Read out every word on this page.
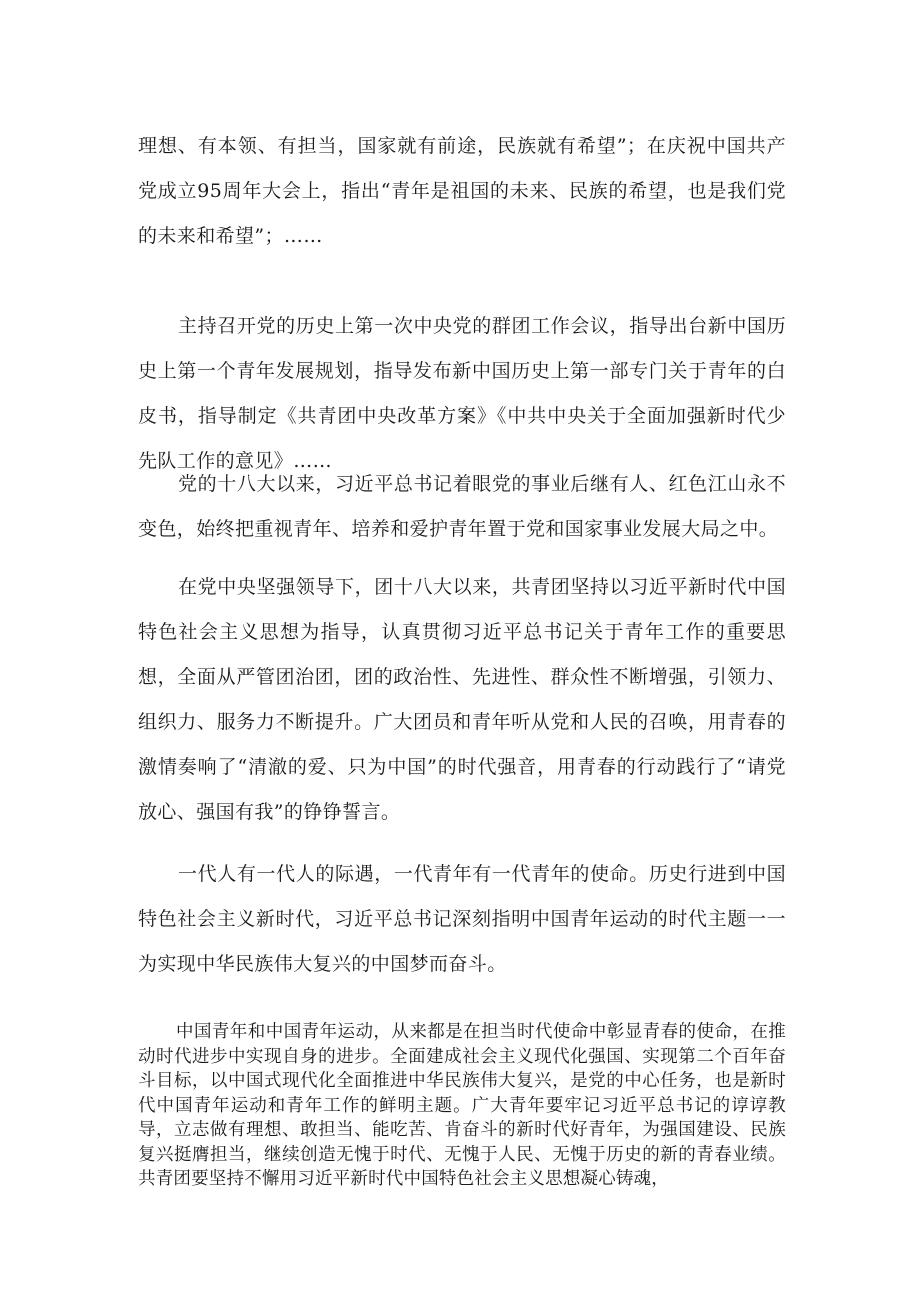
理想、有本领、有担当，国家就有前途，民族就有希望”；在庆祝中国共产党成立95周年大会上，指出“青年是祖国的未来、民族的希望，也是我们党的未来和希望”；……

主持召开党的历史上第一次中央党的群团工作会议，指导出台新中国历史上第一个青年发展规划，指导发布新中国历史上第一部专门关于青年的白皮书，指导制定《共青团中央改革方案》《中共中央关于全面加强新时代少先队工作的意见》……

党的十八大以来，习近平总书记着眼党的事业后继有人、红色江山永不变色，始终把重视青年、培养和爱护青年置于党和国家事业发展大局之中。

在党中央坚强领导下，团十八大以来，共青团坚持以习近平新时代中国特色社会主义思想为指导，认真贯彻习近平总书记关于青年工作的重要思想，全面从严管团治团，团的政治性、先进性、群众性不断增强，引领力、组织力、服务力不断提升。广大团员和青年听从党和人民的召唤，用青春的激情奏响了“清澈的爱、只为中国”的时代强音，用青春的行动践行了“请党放心、强国有我”的铮铮誓言。

一代人有一代人的际遇，一代青年有一代青年的使命。历史行进到中国特色社会主义新时代，习近平总书记深刻指明中国青年运动的时代主题一一为实现中华民族伟大复兴的中国梦而奋斗。

中国青年和中国青年运动，从来都是在担当时代使命中彰显青春的使命，在推动时代进步中实现自身的进步。全面建成社会主义现代化强国、实现第二个百年奋斗目标，以中国式现代化全面推进中华民族伟大复兴，是党的中心任务，也是新时代中国青年运动和青年工作的鲜明主题。广大青年要牢记习近平总书记的谆谆教导，立志做有理想、敢担当、能吃苦、肯奋斗的新时代好青年，为强国建设、民族复兴挺膺担当，继续创造无愧于时代、无愧于人民、无愧于历史的新的青春业绩。共青团要坚持不懈用习近平新时代中国特色社会主义思想凝心铸魂，
